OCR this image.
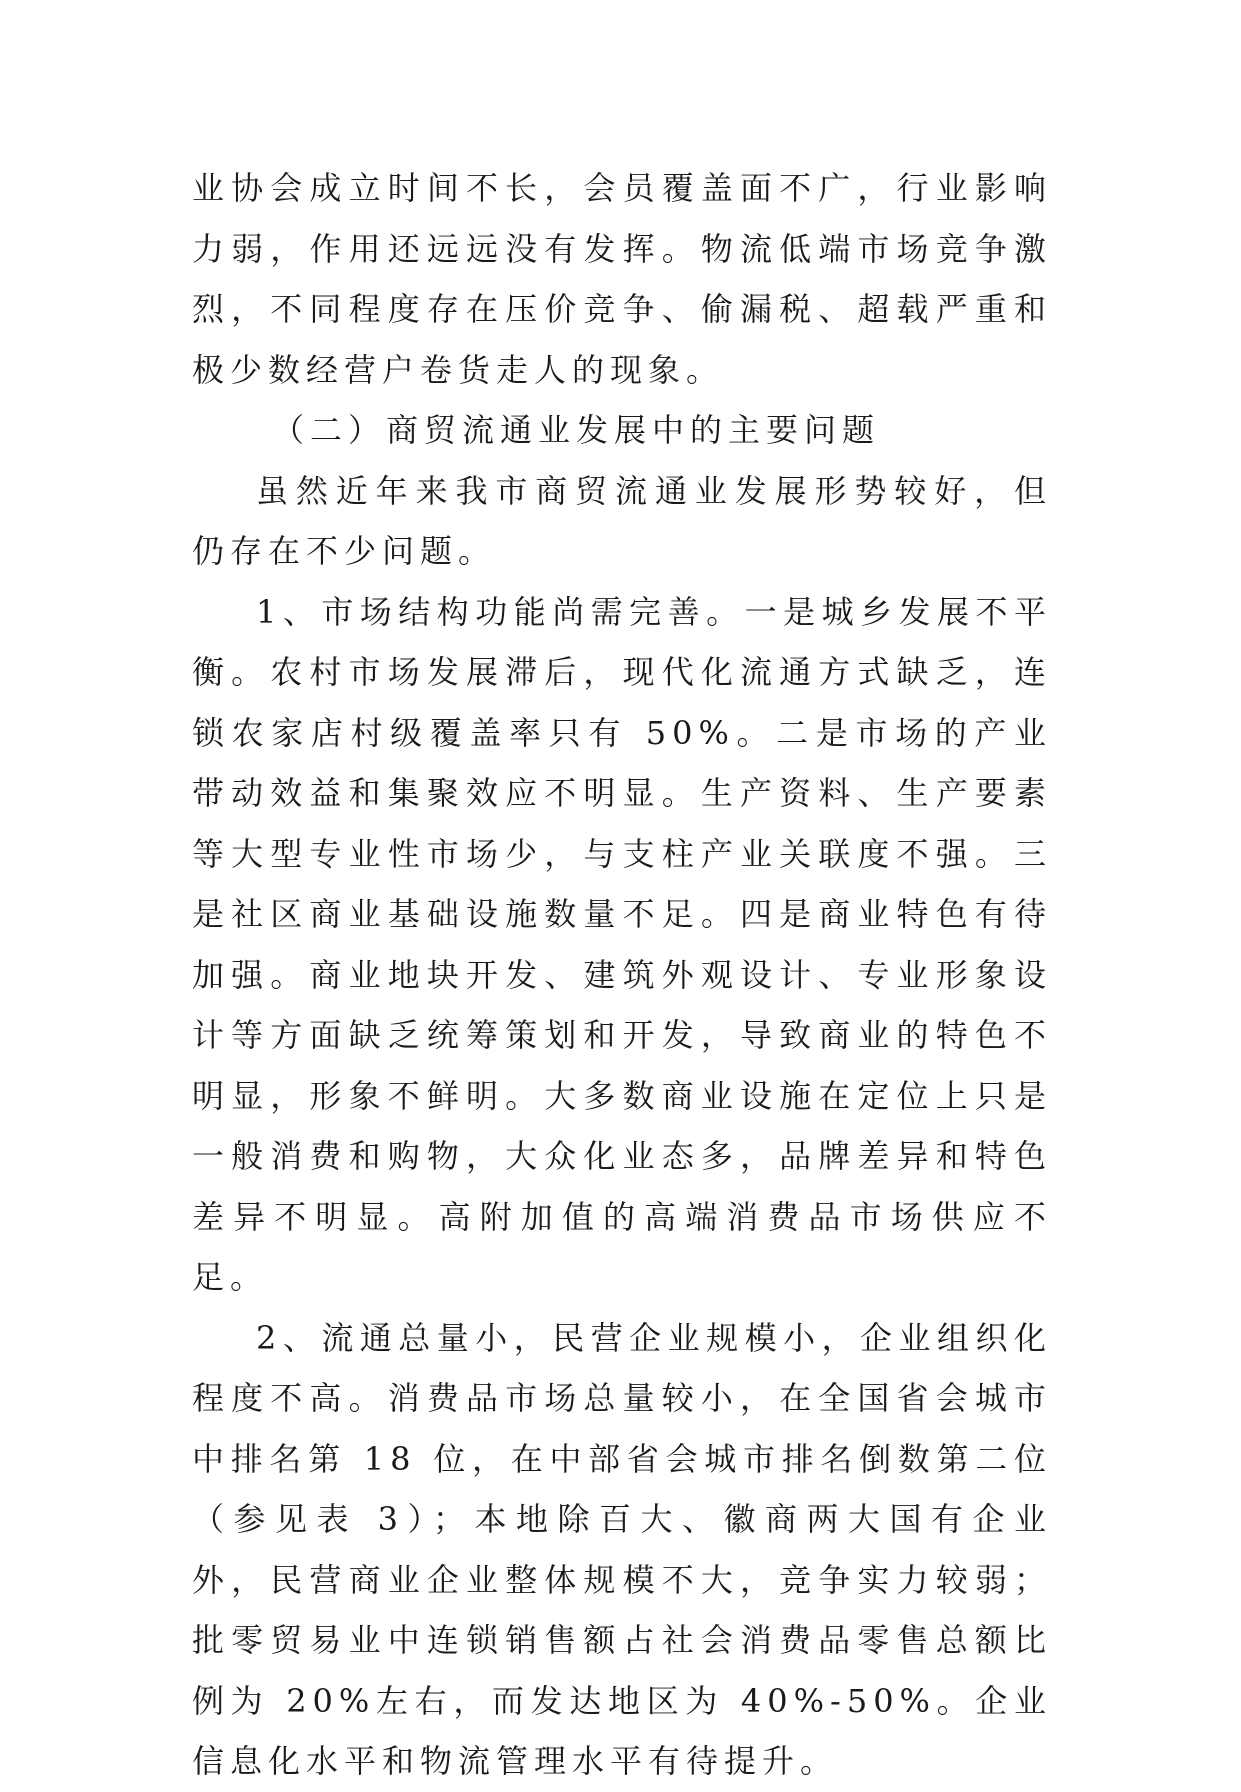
业协会成立时间不长，会员覆盖面不广，行业影响力弱，作用还远远没有发挥。物流低端市场竞争激烈，不同程度存在压价竞争、偷漏税、超载严重和极少数经营户卷货走人的现象。

（二）商贸流通业发展中的主要问题

虽然近年来我市商贸流通业发展形势较好，但仍存在不少问题。

1、市场结构功能尚需完善。一是城乡发展不平衡。农村市场发展滞后，现代化流通方式缺乏，连锁农家店村级覆盖率只有 50%。二是市场的产业带动效益和集聚效应不明显。生产资料、生产要素等大型专业性市场少，与支柱产业关联度不强。三是社区商业基础设施数量不足。四是商业特色有待加强。商业地块开发、建筑外观设计、专业形象设计等方面缺乏统筹策划和开发，导致商业的特色不明显，形象不鲜明。大多数商业设施在定位上只是一般消费和购物，大众化业态多，品牌差异和特色差异不明显。高附加值的高端消费品市场供应不足。

2、流通总量小，民营企业规模小，企业组织化程度不高。消费品市场总量较小，在全国省会城市中排名第 18 位，在中部省会城市排名倒数第二位（参见表 3）；本地除百大、徽商两大国有企业外，民营商业企业整体规模不大，竞争实力较弱；批零贸易业中连锁销售额占社会消费品零售总额比例为 20%左右，而发达地区为 40%-50%。企业信息化水平和物流管理水平有待提升。
